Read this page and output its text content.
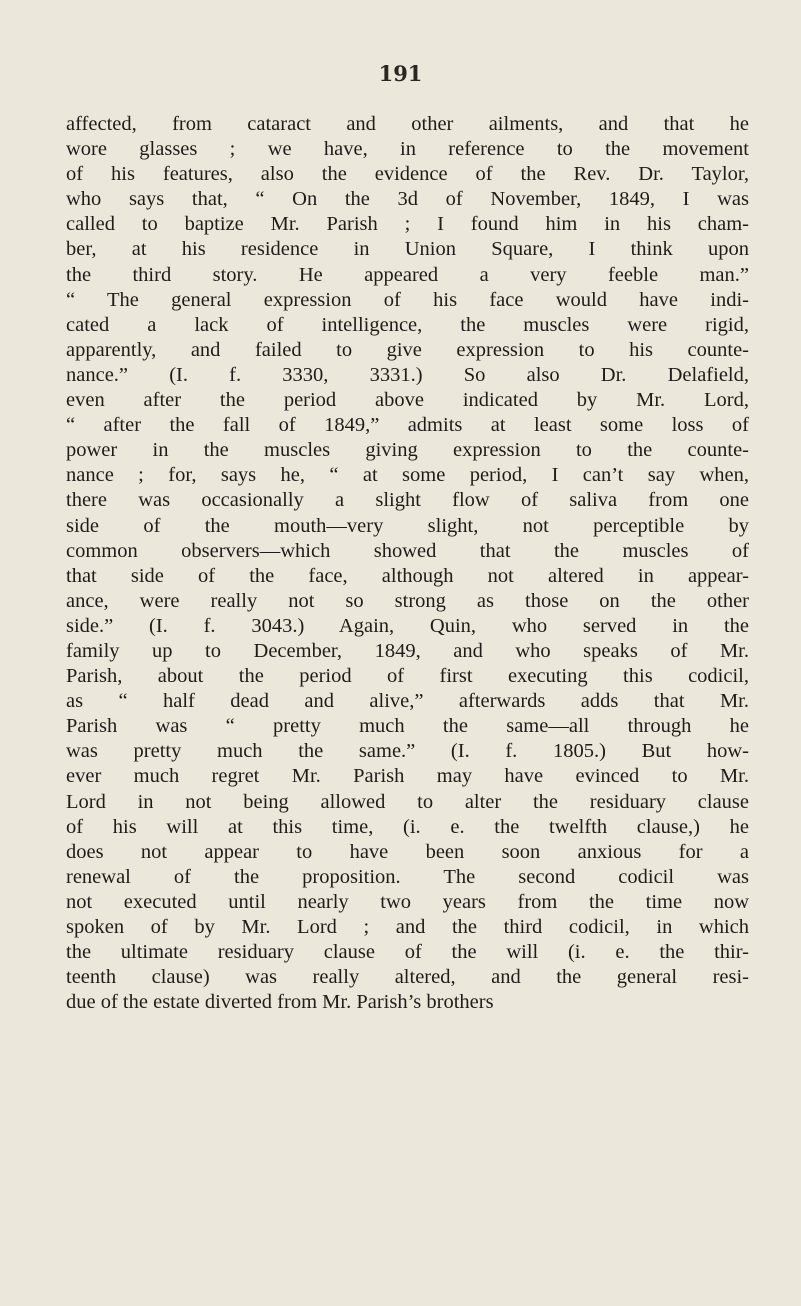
191
affected, from cataract and other ailments, and that he
wore glasses ; we have, in reference to the movement
of his features, also the evidence of the Rev. Dr. Taylor,
who says that, “ On the 3d of November, 1849, I was
called to baptize Mr. Parish ; I found him in his cham-
ber, at his residence in Union Square, I think upon
the third story. He appeared a very feeble man.”
“ The general expression of his face would have indi-
cated a lack of intelligence, the muscles were rigid,
apparently, and failed to give expression to his counte-
nance.” (I. f. 3330, 3331.) So also Dr. Delafield,
even after the period above indicated by Mr. Lord,
“ after the fall of 1849,” admits at least some loss of
power in the muscles giving expression to the counte-
nance ; for, says he, “ at some period, I can’t say when,
there was occasionally a slight flow of saliva from one
side of the mouth—very slight, not perceptible by
common observers—which showed that the muscles of
that side of the face, although not altered in appear-
ance, were really not so strong as those on the other
side.” (I. f. 3043.) Again, Quin, who served in the
family up to December, 1849, and who speaks of Mr.
Parish, about the period of first executing this codicil,
as “ half dead and alive,” afterwards adds that Mr.
Parish was “ pretty much the same—all through he
was pretty much the same.” (I. f. 1805.) But how-
ever much regret Mr. Parish may have evinced to Mr.
Lord in not being allowed to alter the residuary clause
of his will at this time, (i. e. the twelfth clause,) he
does not appear to have been soon anxious for a
renewal of the proposition. The second codicil was
not executed until nearly two years from the time now
spoken of by Mr. Lord ; and the third codicil, in which
the ultimate residuary clause of the will (i. e. the thir-
teenth clause) was really altered, and the general resi-
due of the estate diverted from Mr. Parish’s brothers
